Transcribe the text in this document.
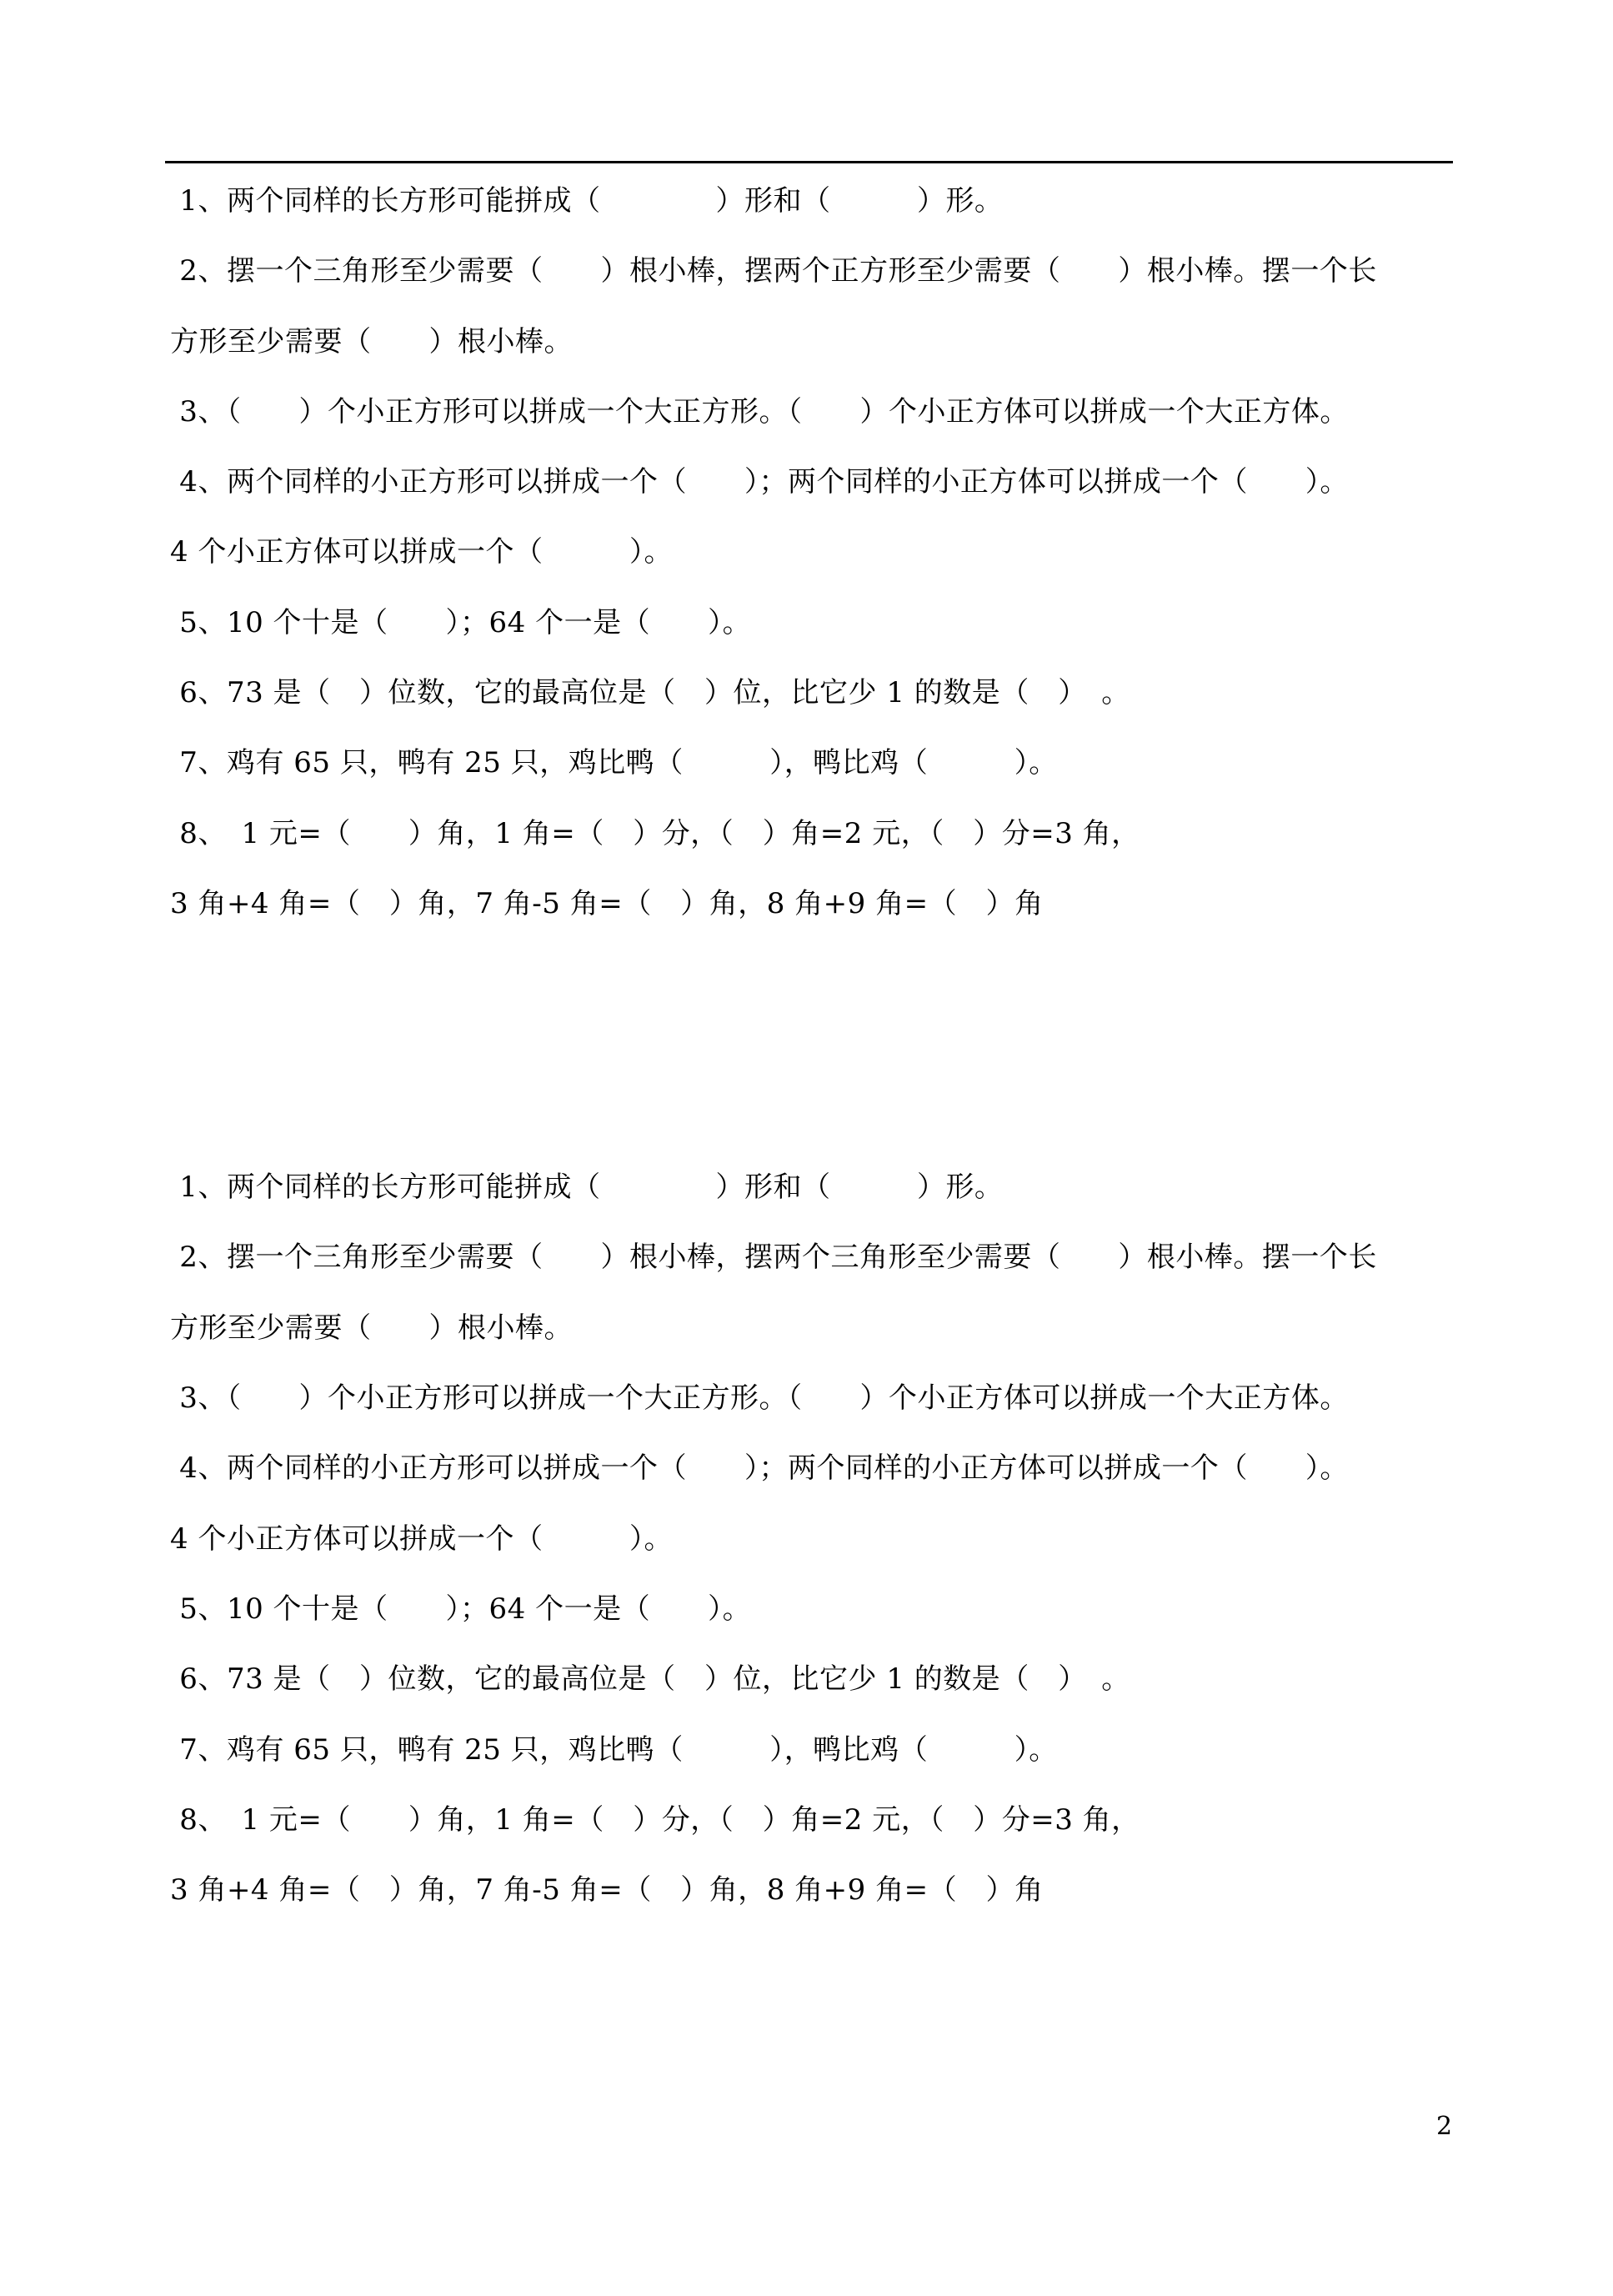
1、两个同样的长方形可能拼成（　　　　）形和（　　　）形。
2、摆一个三角形至少需要（　　）根小棒，摆两个正方形至少需要（　　）根小棒。摆一个长
方形至少需要（　　）根小棒。
3、（　　）个小正方形可以拼成一个大正方形。（　　）个小正方体可以拼成一个大正方体。
4、两个同样的小正方形可以拼成一个（　　）；两个同样的小正方体可以拼成一个（　　）。
4 个小正方体可以拼成一个（　　　）。
5、10 个十是（　　）；64 个一是（　　）。
6、73 是（　）位数，它的最高位是（　）位，比它少 1 的数是（　）　。
7、鸡有 65 只，鸭有 25 只，鸡比鸭（　　　），鸭比鸡（　　　）。
8、　1 元=（　　）角，1 角=（　）分，（　）角=2 元，（　）分=3 角，
3 角+4 角=（　）角，7 角-5 角=（　）角，8 角+9 角=（　）角
1、两个同样的长方形可能拼成（　　　　）形和（　　　）形。
2、摆一个三角形至少需要（　　）根小棒，摆两个三角形至少需要（　　）根小棒。摆一个长
方形至少需要（　　）根小棒。
3、（　　）个小正方形可以拼成一个大正方形。（　　）个小正方体可以拼成一个大正方体。
4、两个同样的小正方形可以拼成一个（　　）；两个同样的小正方体可以拼成一个（　　）。
4 个小正方体可以拼成一个（　　　）。
5、10 个十是（　　）；64 个一是（　　）。
6、73 是（　）位数，它的最高位是（　）位，比它少 1 的数是（　）　。
7、鸡有 65 只，鸭有 25 只，鸡比鸭（　　　），鸭比鸡（　　　）。
8、　1 元=（　　）角，1 角=（　）分，（　）角=2 元，（　）分=3 角，
3 角+4 角=（　）角，7 角-5 角=（　）角，8 角+9 角=（　）角
2
